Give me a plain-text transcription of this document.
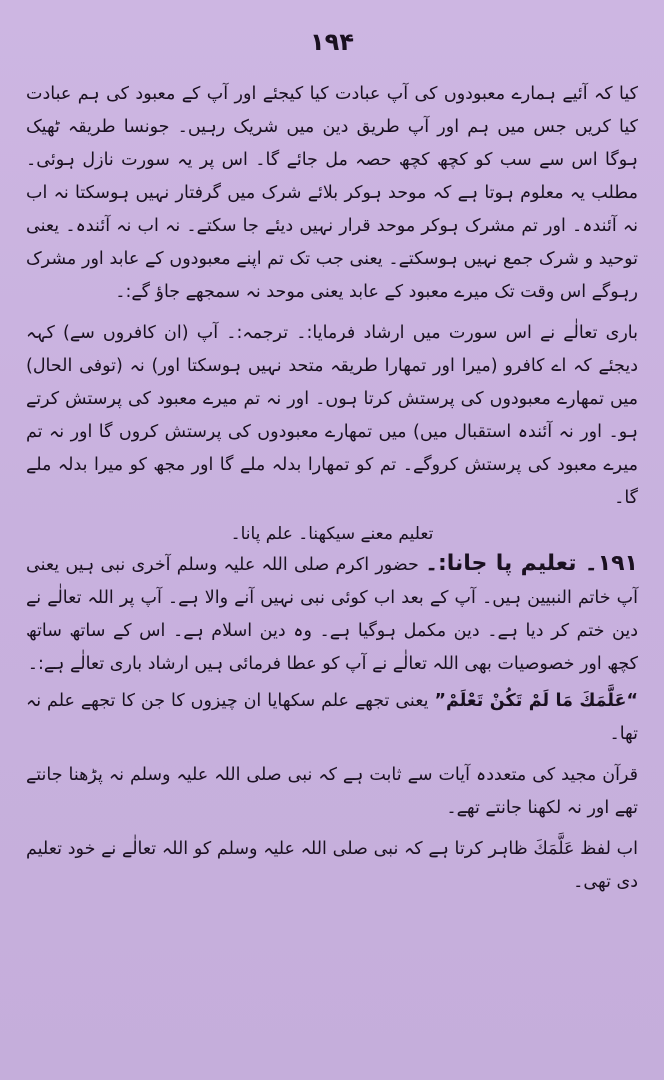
۱۹۴

کیا کہ آئیے ہمارے معبودوں کی آپ عبادت کیا کیجئے اور آپ کے معبود کی ہم عبادت کیا کریں جس میں ہم اور آپ طریق دین میں شریک رہیں۔ جونسا طریقہ ٹھیک ہوگا اس سے سب کو کچھ کچھ حصہ مل جائے گا۔ اس پر یہ سورت نازل ہوئی۔ مطلب یہ معلوم ہوتا ہے کہ موحد ہوکر بلائے شرک میں گرفتار نہیں ہوسکتا نہ اب نہ آئندہ۔ اور تم مشرک ہوکر موحد قرار نہیں دیئے جا سکتے۔ نہ اب نہ آئندہ۔ یعنی توحید و شرک جمع نہیں ہوسکتے۔ یعنی جب تک تم اپنے معبودوں کے عابد اور مشرک رہوگے اس وقت تک میرے معبود کے عابد یعنی موحد نہ سمجھے جاؤ گے:۔

باری تعالٰے نے اس سورت میں ارشاد فرمایا:۔ ترجمہ:۔ آپ (ان کافروں سے) کہہ دیجئے کہ اے کافرو (میرا اور تمھارا طریقہ متحد نہیں ہوسکتا اور) نہ (توفی الحال) میں تمھارے معبودوں کی پرستش کرتا ہوں۔ اور نہ تم میرے معبود کی پرستش کرتے ہو۔ اور نہ آئندہ استقبال میں) میں تمھارے معبودوں کی پرستش کروں گا اور نہ تم میرے معبود کی پرستش کروگے۔ تم کو تمھارا بدلہ ملے گا اور مجھ کو میرا بدلہ ملے گا۔

تعلیم معنے سیکھنا۔ علم پانا۔

۱۹۱۔ تعلیم پا جانا:۔ حضور اکرم صلی اللہ علیہ وسلم آخری نبی ہیں یعنی آپ خاتم النبیین ہیں۔ آپ کے بعد اب کوئی نبی نہیں آنے والا ہے۔ آپ پر اللہ تعالٰے نے دین ختم کر دیا ہے۔ دین مکمل ہوگیا ہے۔ وہ دین اسلام ہے۔ اس کے ساتھ ساتھ کچھ اور خصوصیات بھی اللہ تعالٰے نے آپ کو عطا فرمائی ہیں ارشاد باری تعالٰے ہے:۔

“عَلَّمَكَ مَا لَمْ تَكُنْ تَعْلَمْ” یعنی تجھے علم سکھایا ان چیزوں کا جن کا تجھے علم نہ تھا۔

قرآن مجید کی متعددہ آیات سے ثابت ہے کہ نبی صلی اللہ علیہ وسلم نہ پڑھنا جانتے تھے اور نہ لکھنا جانتے تھے۔

اب لفظ عَلَّمَكَ ظاہر کرتا ہے کہ نبی صلی اللہ علیہ وسلم کو اللہ تعالٰے نے خود تعلیم دی تھی۔
